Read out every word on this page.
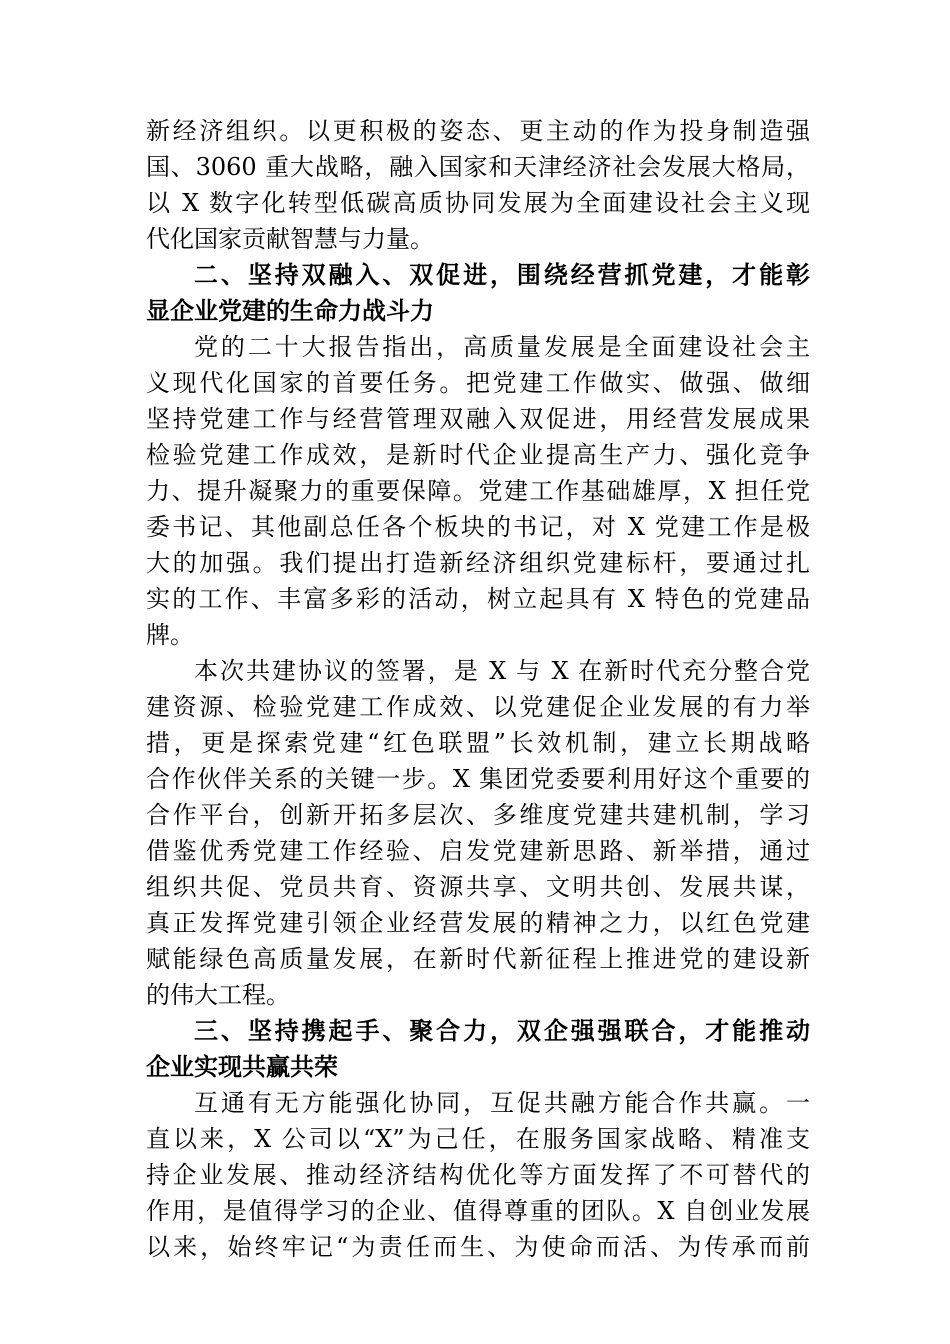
新经济组织。以更积极的姿态、更主动的作为投身制造强
国、3060 重大战略，融入国家和天津经济社会发展大格局，
以 X 数字化转型低碳高质协同发展为全面建设社会主义现
代化国家贡献智慧与力量。
二、坚持双融入、双促进，围绕经营抓党建，才能彰
显企业党建的生命力战斗力
党的二十大报告指出，高质量发展是全面建设社会主
义现代化国家的首要任务。把党建工作做实、做强、做细
坚持党建工作与经营管理双融入双促进，用经营发展成果
检验党建工作成效，是新时代企业提高生产力、强化竞争
力、提升凝聚力的重要保障。党建工作基础雄厚，X 担任党
委书记、其他副总任各个板块的书记，对 X 党建工作是极
大的加强。我们提出打造新经济组织党建标杆，要通过扎
实的工作、丰富多彩的活动，树立起具有 X 特色的党建品
牌。
本次共建协议的签署，是 X 与 X 在新时代充分整合党
建资源、检验党建工作成效、以党建促企业发展的有力举
措，更是探索党建“红色联盟”长效机制，建立长期战略
合作伙伴关系的关键一步。X 集团党委要利用好这个重要的
合作平台，创新开拓多层次、多维度党建共建机制，学习
借鉴优秀党建工作经验、启发党建新思路、新举措，通过
组织共促、党员共育、资源共享、文明共创、发展共谋，
真正发挥党建引领企业经营发展的精神之力，以红色党建
赋能绿色高质量发展，在新时代新征程上推进党的建设新
的伟大工程。
三、坚持携起手、聚合力，双企强强联合，才能推动
企业实现共赢共荣
互通有无方能强化协同，互促共融方能合作共赢。一
直以来，X 公司以“X”为己任，在服务国家战略、精准支
持企业发展、推动经济结构优化等方面发挥了不可替代的
作用，是值得学习的企业、值得尊重的团队。X 自创业发展
以来，始终牢记“为责任而生、为使命而活、为传承而前
